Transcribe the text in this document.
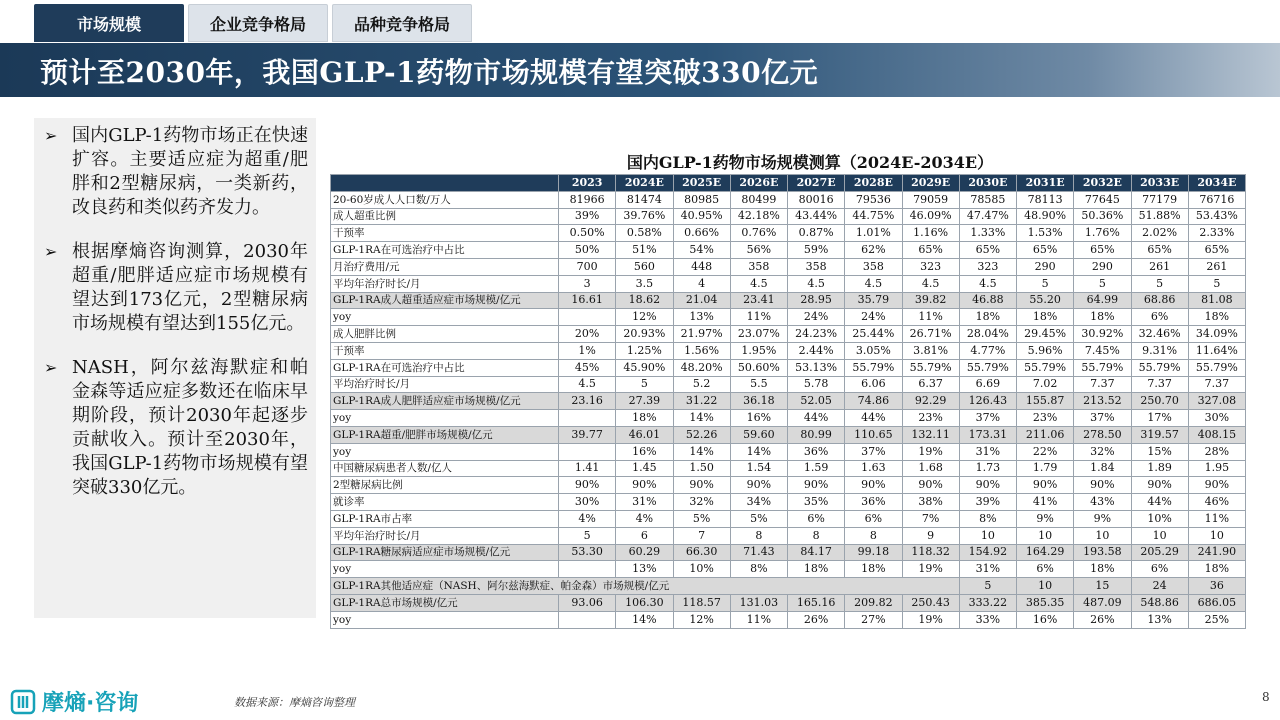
市场规模	企业竞争格局	品种竞争格局
预计至2030年，我国GLP-1药物市场规模有望突破330亿元
➢ 国内GLP-1药物市场正在快速扩容。主要适应症为超重/肥胖和2型糖尿病，一类新药，改良药和类似药齐发力。
➢ 根据摩熵咨询测算，2030年超重/肥胖适应症市场规模有望达到173亿元，2型糖尿病市场规模有望达到155亿元。
➢ NASH，阿尔兹海默症和帕金森等适应症多数还在临床早期阶段，预计2030年起逐步贡献收入。预计至2030年，我国GLP-1药物市场规模有望突破330亿元。
国内GLP-1药物市场规模测算（2024E-2034E）
	2023	2024E	2025E	2026E	2027E	2028E	2029E	2030E	2031E	2032E	2033E	2034E
20-60岁成人人口数/万人	81966	81474	80985	80499	80016	79536	79059	78585	78113	77645	77179	76716
成人超重比例	39%	39.76%	40.95%	42.18%	43.44%	44.75%	46.09%	47.47%	48.90%	50.36%	51.88%	53.43%
干预率	0.50%	0.58%	0.66%	0.76%	0.87%	1.01%	1.16%	1.33%	1.53%	1.76%	2.02%	2.33%
GLP-1RA在可选治疗中占比	50%	51%	54%	56%	59%	62%	65%	65%	65%	65%	65%	65%
月治疗费用/元	700	560	448	358	358	358	323	323	290	290	261	261
平均年治疗时长/月	3	3.5	4	4.5	4.5	4.5	4.5	4.5	5	5	5	5
GLP-1RA成人超重适应症市场规模/亿元	16.61	18.62	21.04	23.41	28.95	35.79	39.82	46.88	55.20	64.99	68.86	81.08
yoy		12%	13%	11%	24%	24%	11%	18%	18%	18%	6%	18%
成人肥胖比例	20%	20.93%	21.97%	23.07%	24.23%	25.44%	26.71%	28.04%	29.45%	30.92%	32.46%	34.09%
干预率	1%	1.25%	1.56%	1.95%	2.44%	3.05%	3.81%	4.77%	5.96%	7.45%	9.31%	11.64%
GLP-1RA在可选治疗中占比	45%	45.90%	48.20%	50.60%	53.13%	55.79%	55.79%	55.79%	55.79%	55.79%	55.79%	55.79%
平均治疗时长/月	4.5	5	5.2	5.5	5.78	6.06	6.37	6.69	7.02	7.37	7.37	7.37
GLP-1RA成人肥胖适应症市场规模/亿元	23.16	27.39	31.22	36.18	52.05	74.86	92.29	126.43	155.87	213.52	250.70	327.08
yoy		18%	14%	16%	44%	44%	23%	37%	23%	37%	17%	30%
GLP-1RA超重/肥胖市场规模/亿元	39.77	46.01	52.26	59.60	80.99	110.65	132.11	173.31	211.06	278.50	319.57	408.15
yoy		16%	14%	14%	36%	37%	19%	31%	22%	32%	15%	28%
中国糖尿病患者人数/亿人	1.41	1.45	1.50	1.54	1.59	1.63	1.68	1.73	1.79	1.84	1.89	1.95
2型糖尿病比例	90%	90%	90%	90%	90%	90%	90%	90%	90%	90%	90%	90%
就诊率	30%	31%	32%	34%	35%	36%	38%	39%	41%	43%	44%	46%
GLP-1RA市占率	4%	4%	5%	5%	6%	6%	7%	8%	9%	9%	10%	11%
平均年治疗时长/月	5	6	7	8	8	8	9	10	10	10	10	10
GLP-1RA糖尿病适应症市场规模/亿元	53.30	60.29	66.30	71.43	84.17	99.18	118.32	154.92	164.29	193.58	205.29	241.90
yoy		13%	10%	8%	18%	18%	19%	31%	6%	18%	6%	18%
GLP-1RA其他适应症（NASH、阿尔兹海默症、帕金森）市场规模/亿元								5	10	15	24	36
GLP-1RA总市场规模/亿元	93.06	106.30	118.57	131.03	165.16	209.82	250.43	333.22	385.35	487.09	548.86	686.05
yoy		14%	12%	11%	26%	27%	19%	33%	16%	26%	13%	25%
摩熵·咨询	数据来源：摩熵咨询整理	8
